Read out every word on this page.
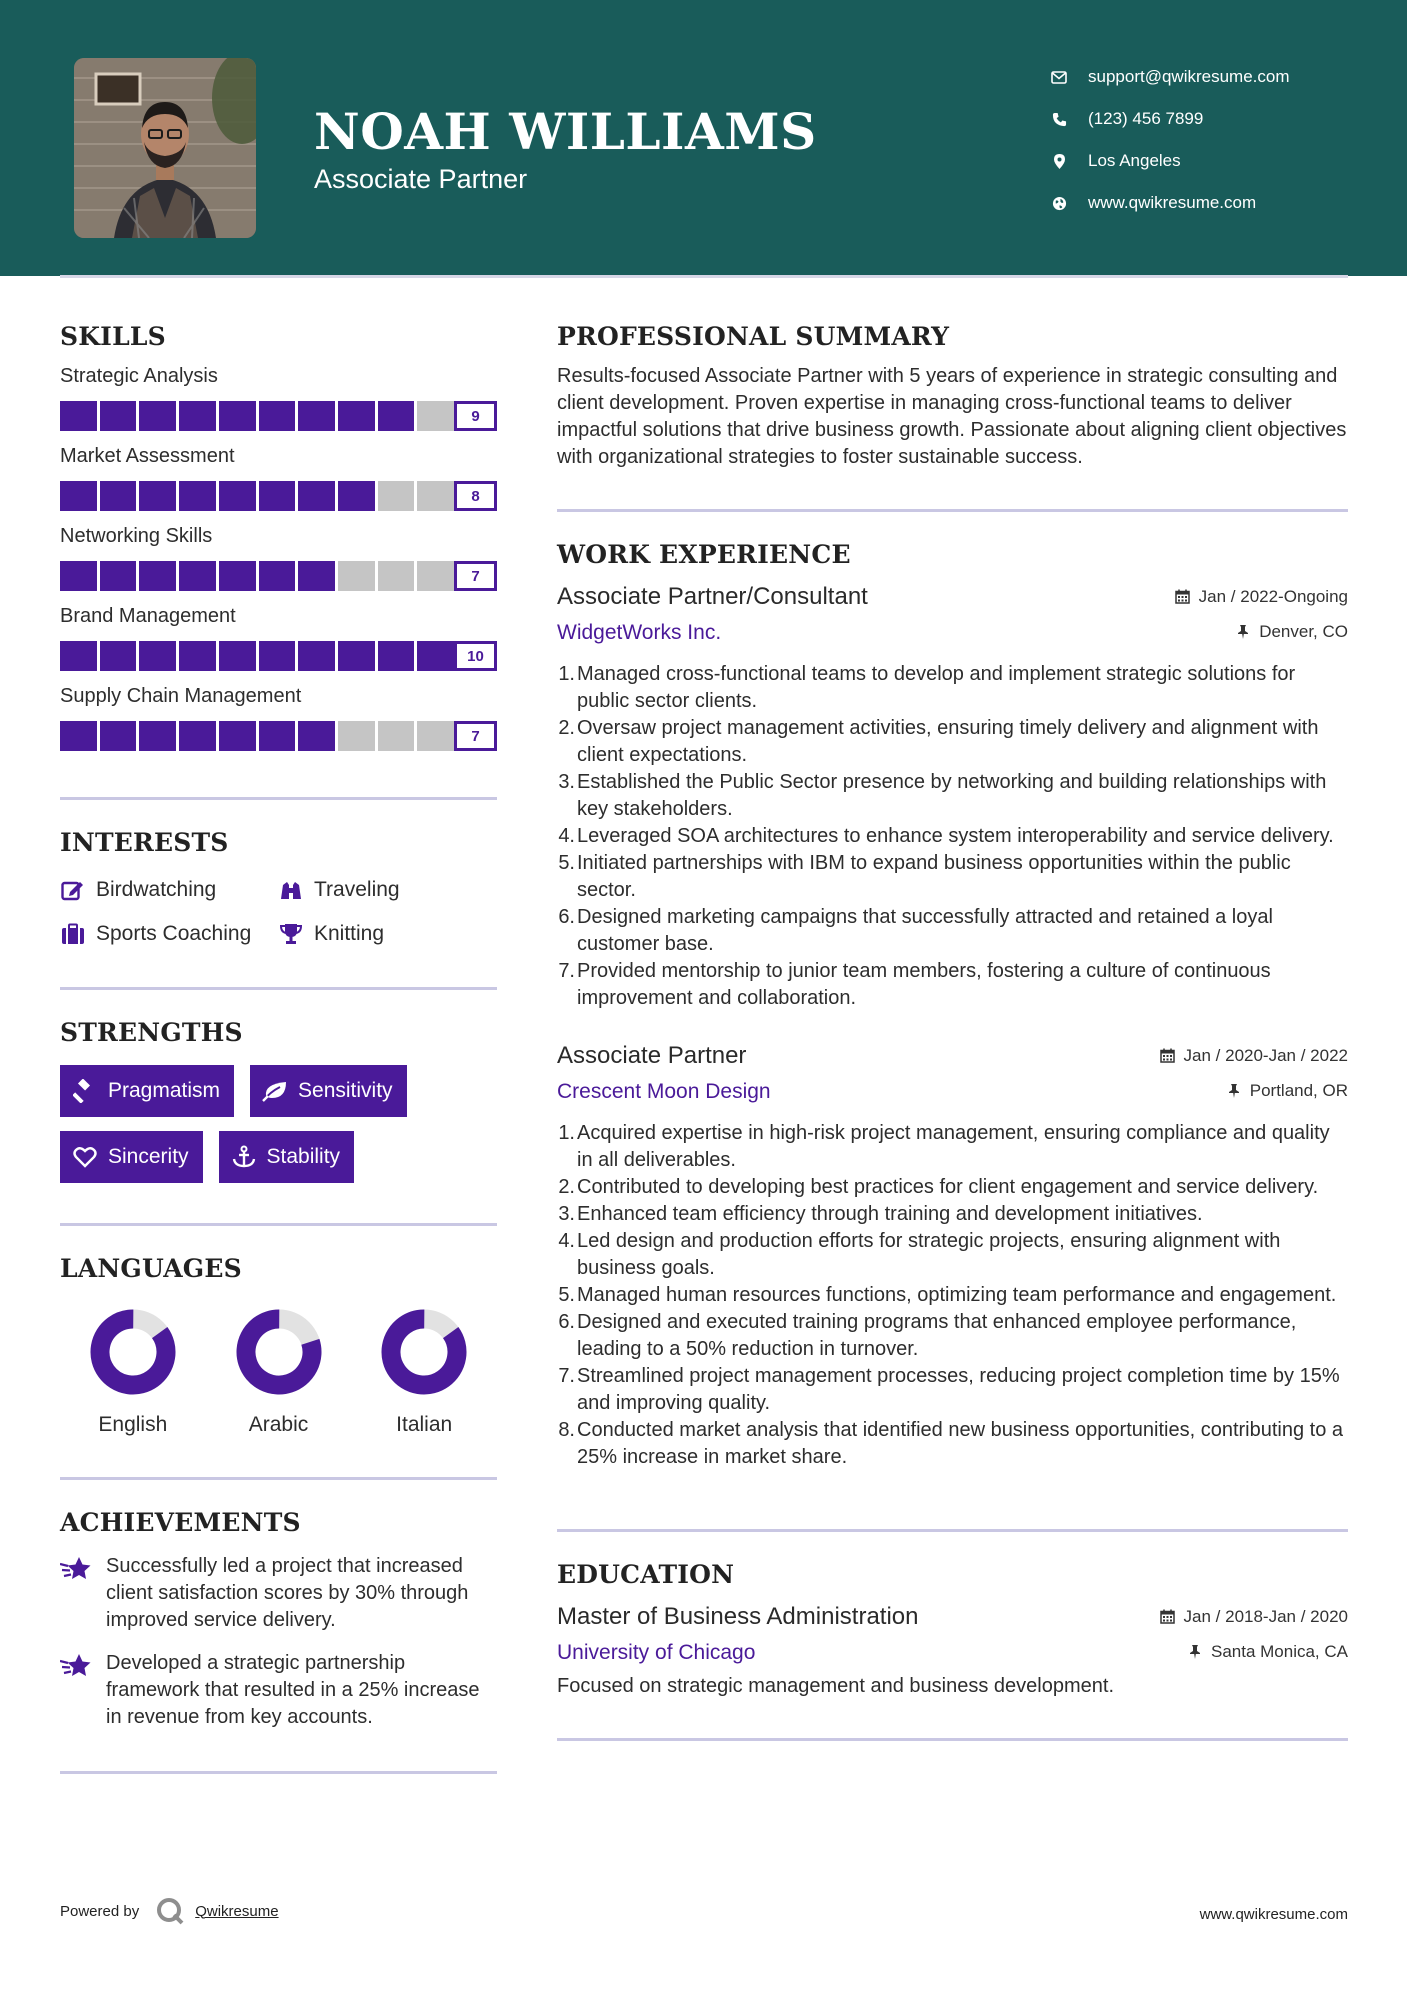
NOAH WILLIAMS
Associate Partner
support@qwikresume.com
(123) 456 7899
Los Angeles
www.qwikresume.com
SKILLS
Strategic Analysis
9
Market Assessment
8
Networking Skills
7
Brand Management
10
Supply Chain Management
7
INTERESTS
Birdwatching	Traveling
Sports Coaching	Knitting
STRENGTHS
Pragmatism	Sensitivity
Sincerity	Stability
LANGUAGES
English	Arabic	Italian
ACHIEVEMENTS
Successfully led a project that increased client satisfaction scores by 30% through improved service delivery.
Developed a strategic partnership framework that resulted in a 25% increase in revenue from key accounts.
PROFESSIONAL SUMMARY
Results-focused Associate Partner with 5 years of experience in strategic consulting and client development. Proven expertise in managing cross-functional teams to deliver impactful solutions that drive business growth. Passionate about aligning client objectives with organizational strategies to foster sustainable success.
WORK EXPERIENCE
Associate Partner/Consultant	Jan / 2022-Ongoing
WidgetWorks Inc.	Denver, CO
1. Managed cross-functional teams to develop and implement strategic solutions for public sector clients.
2. Oversaw project management activities, ensuring timely delivery and alignment with client expectations.
3. Established the Public Sector presence by networking and building relationships with key stakeholders.
4. Leveraged SOA architectures to enhance system interoperability and service delivery.
5. Initiated partnerships with IBM to expand business opportunities within the public sector.
6. Designed marketing campaigns that successfully attracted and retained a loyal customer base.
7. Provided mentorship to junior team members, fostering a culture of continuous improvement and collaboration.
Associate Partner	Jan / 2020-Jan / 2022
Crescent Moon Design	Portland, OR
1. Acquired expertise in high-risk project management, ensuring compliance and quality in all deliverables.
2. Contributed to developing best practices for client engagement and service delivery.
3. Enhanced team efficiency through training and development initiatives.
4. Led design and production efforts for strategic projects, ensuring alignment with business goals.
5. Managed human resources functions, optimizing team performance and engagement.
6. Designed and executed training programs that enhanced employee performance, leading to a 50% reduction in turnover.
7. Streamlined project management processes, reducing project completion time by 15% and improving quality.
8. Conducted market analysis that identified new business opportunities, contributing to a 25% increase in market share.
EDUCATION
Master of Business Administration	Jan / 2018-Jan / 2020
University of Chicago	Santa Monica, CA
Focused on strategic management and business development.
Powered by	Qwikresume	www.qwikresume.com
